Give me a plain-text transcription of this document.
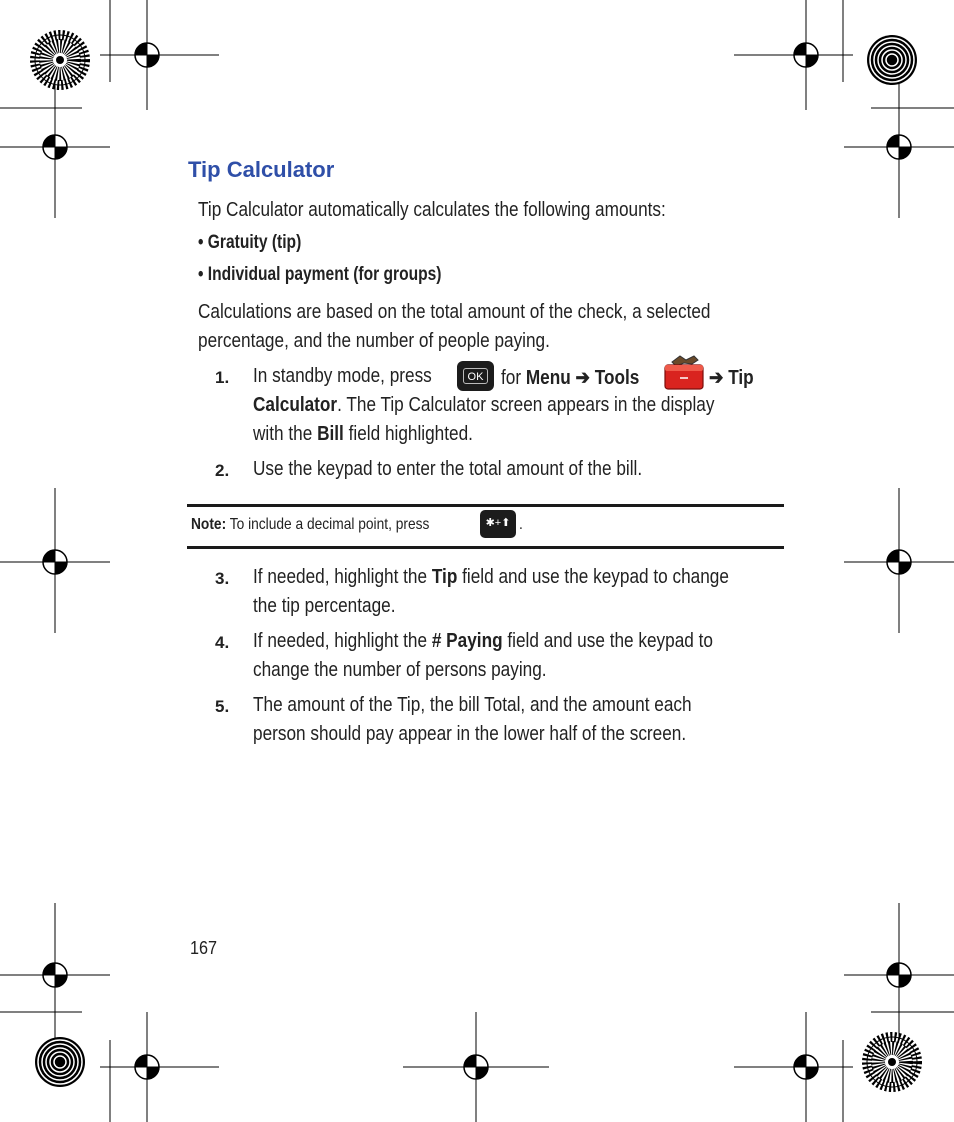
Tip Calculator
Tip Calculator automatically calculates the following amounts:
• Gratuity (tip)
• Individual payment (for groups)
Calculations are based on the total amount of the check, a selected
percentage, and the number of people paying.
1. In standby mode, press	OK for Menu ➔ Tools	➔ Tip
Calculator. The Tip Calculator screen appears in the display
with the Bill field highlighted.
2. Use the keypad to enter the total amount of the bill.
Note: To include a decimal point, press	✱+⬆ .
3. If needed, highlight the Tip field and use the keypad to change
the tip percentage.
4. If needed, highlight the # Paying field and use the keypad to
change the number of persons paying.
5. The amount of the Tip, the bill Total, and the amount each
person should pay appear in the lower half of the screen.
167
